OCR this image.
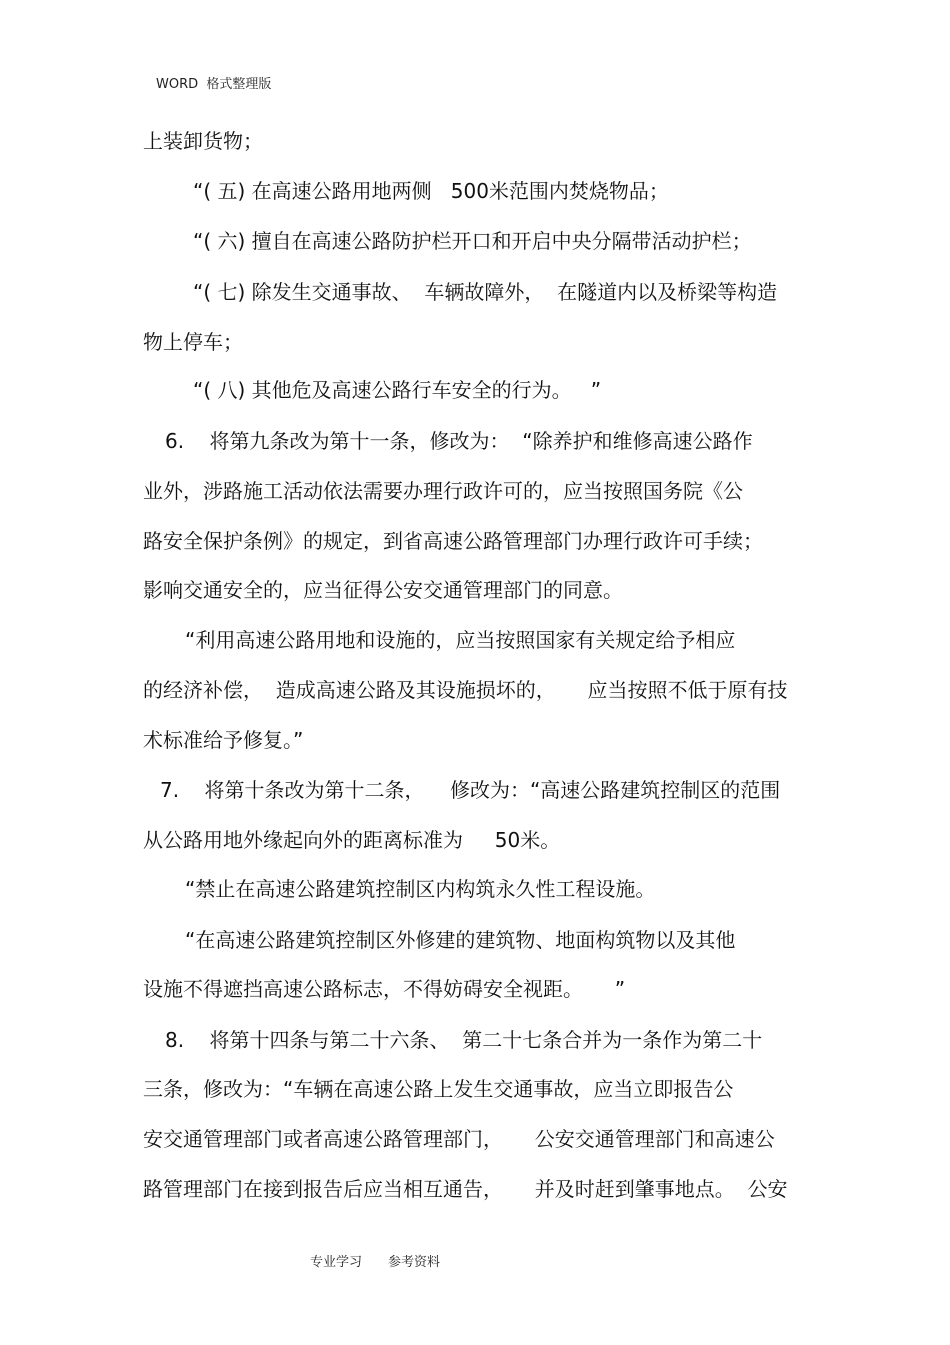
WORD  格式整理版
上装卸货物；
“( 五) 在高速公路用地两侧   500米范围内焚烧物品；
“( 六) 擅自在高速公路防护栏开口和开启中央分隔带活动护栏；
“( 七) 除发生交通事故、  车辆故障外，  在隧道内以及桥梁等构造
物上停车；
“( 八) 其他危及高速公路行车安全的行为。   ”
6.    将第九条改为第十一条，修改为：  “除养护和维修高速公路作
业外，涉路施工活动依法需要办理行政许可的，应当按照国务院《公
路安全保护条例》的规定，到省高速公路管理部门办理行政许可手续；
影响交通安全的，应当征得公安交通管理部门的同意。
“利用高速公路用地和设施的，应当按照国家有关规定给予相应
的经济补偿，  造成高速公路及其设施损坏的，     应当按照不低于原有技
术标准给予修复。”
7.    将第十条改为第十二条，    修改为：“高速公路建筑控制区的范围
从公路用地外缘起向外的距离标准为     50米。
“禁止在高速公路建筑控制区内构筑永久性工程设施。
“在高速公路建筑控制区外修建的建筑物、地面构筑物以及其他
设施不得遮挡高速公路标志，不得妨碍安全视距。     ”
8.    将第十四条与第二十六条、  第二十七条合并为一条作为第二十
三条，修改为：“车辆在高速公路上发生交通事故，应当立即报告公
安交通管理部门或者高速公路管理部门，     公安交通管理部门和高速公
路管理部门在接到报告后应当相互通告，     并及时赶到肇事地点。  公安
专业学习 参考资料
